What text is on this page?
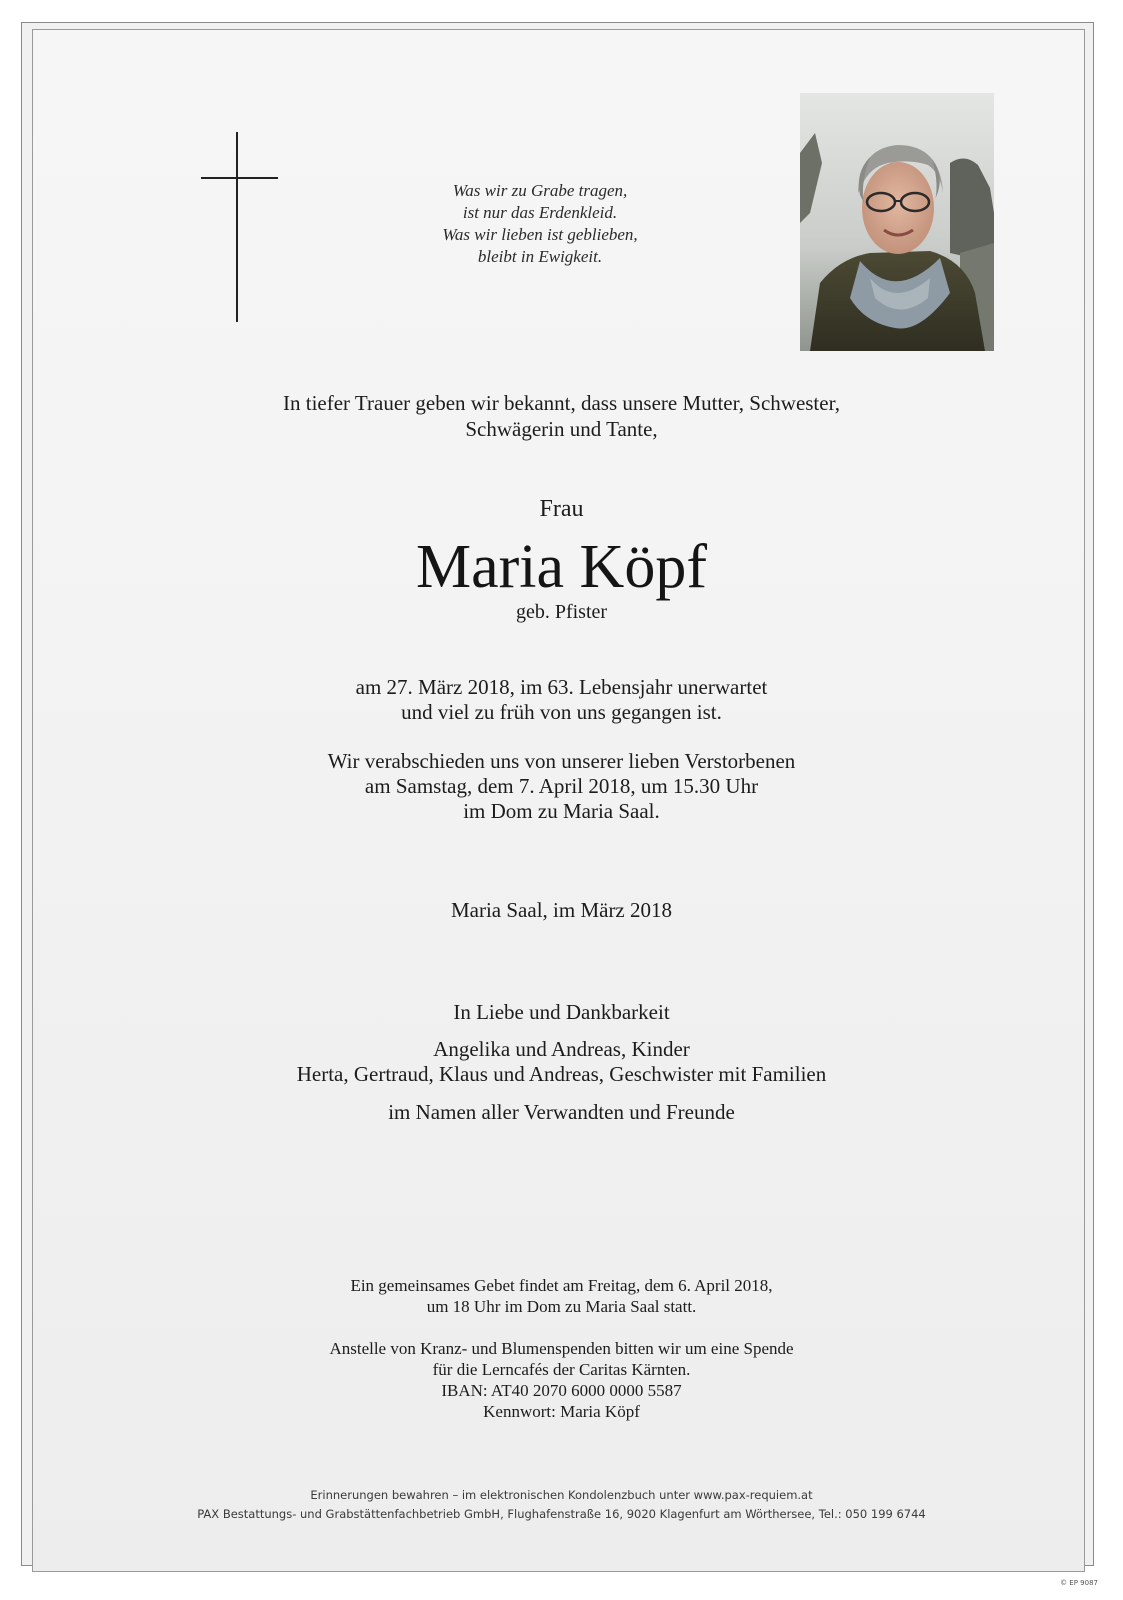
Was wir zu Grabe tragen,
ist nur das Erdenkleid.
Was wir lieben ist geblieben,
bleibt in Ewigkeit.
In tiefer Trauer geben wir bekannt, dass unsere Mutter, Schwester,
Schwägerin und Tante,
Frau
Maria Köpf
geb. Pfister
am 27. März 2018, im 63. Lebensjahr unerwartet
und viel zu früh von uns gegangen ist.
Wir verabschieden uns von unserer lieben Verstorbenen
am Samstag, dem 7. April 2018, um 15.30 Uhr
im Dom zu Maria Saal.
Maria Saal, im März 2018
In Liebe und Dankbarkeit
Angelika und Andreas, Kinder
Herta, Gertraud, Klaus und Andreas, Geschwister mit Familien
im Namen aller Verwandten und Freunde
Ein gemeinsames Gebet findet am Freitag, dem 6. April 2018,
um 18 Uhr im Dom zu Maria Saal statt.
Anstelle von Kranz- und Blumenspenden bitten wir um eine Spende
für die Lerncafés der Caritas Kärnten.
IBAN: AT40 2070 6000 0000 5587
Kennwort: Maria Köpf
Erinnerungen bewahren – im elektronischen Kondolenzbuch unter www.pax-requiem.at
PAX Bestattungs- und Grabstättenfachbetrieb GmbH, Flughafenstraße 16, 9020 Klagenfurt am Wörthersee, Tel.: 050 199 6744
© EP 9087
